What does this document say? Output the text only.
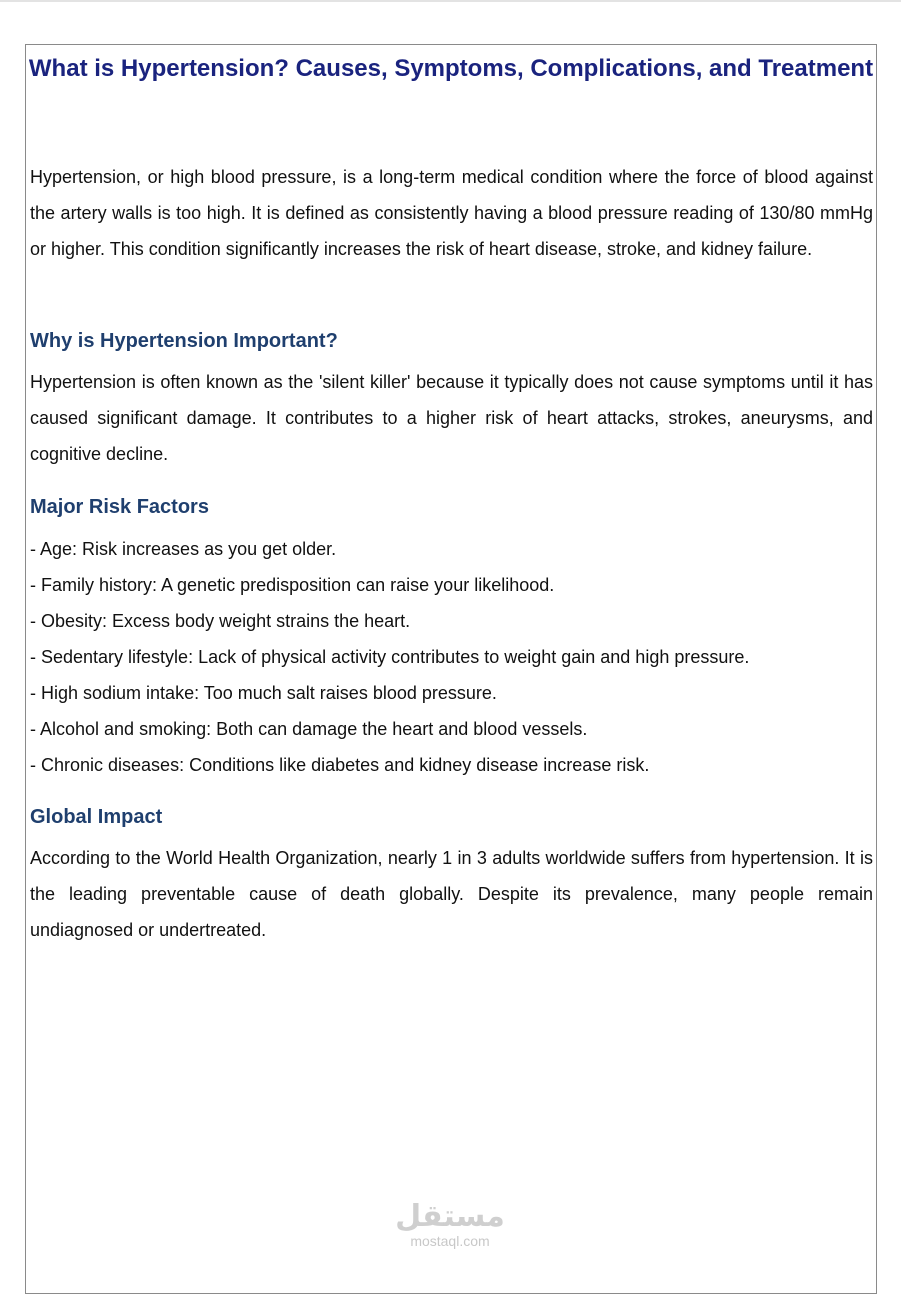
What is Hypertension? Causes, Symptoms, Complications, and Treatment

Hypertension, or high blood pressure, is a long-term medical condition where the force of blood against the artery walls is too high. It is defined as consistently having a blood pressure reading of 130/80 mmHg or higher. This condition significantly increases the risk of heart disease, stroke, and kidney failure.

Why is Hypertension Important?

Hypertension is often known as the 'silent killer' because it typically does not cause symptoms until it has caused significant damage. It contributes to a higher risk of heart attacks, strokes, aneurysms, and cognitive decline.

Major Risk Factors
- Age: Risk increases as you get older.
- Family history: A genetic predisposition can raise your likelihood.
- Obesity: Excess body weight strains the heart.
- Sedentary lifestyle: Lack of physical activity contributes to weight gain and high pressure.
- High sodium intake: Too much salt raises blood pressure.
- Alcohol and smoking: Both can damage the heart and blood vessels.
- Chronic diseases: Conditions like diabetes and kidney disease increase risk.
Global Impact

According to the World Health Organization, nearly 1 in 3 adults worldwide suffers from hypertension. It is the leading preventable cause of death globally. Despite its prevalence, many people remain undiagnosed or undertreated.

مستقل
mostaql.com
